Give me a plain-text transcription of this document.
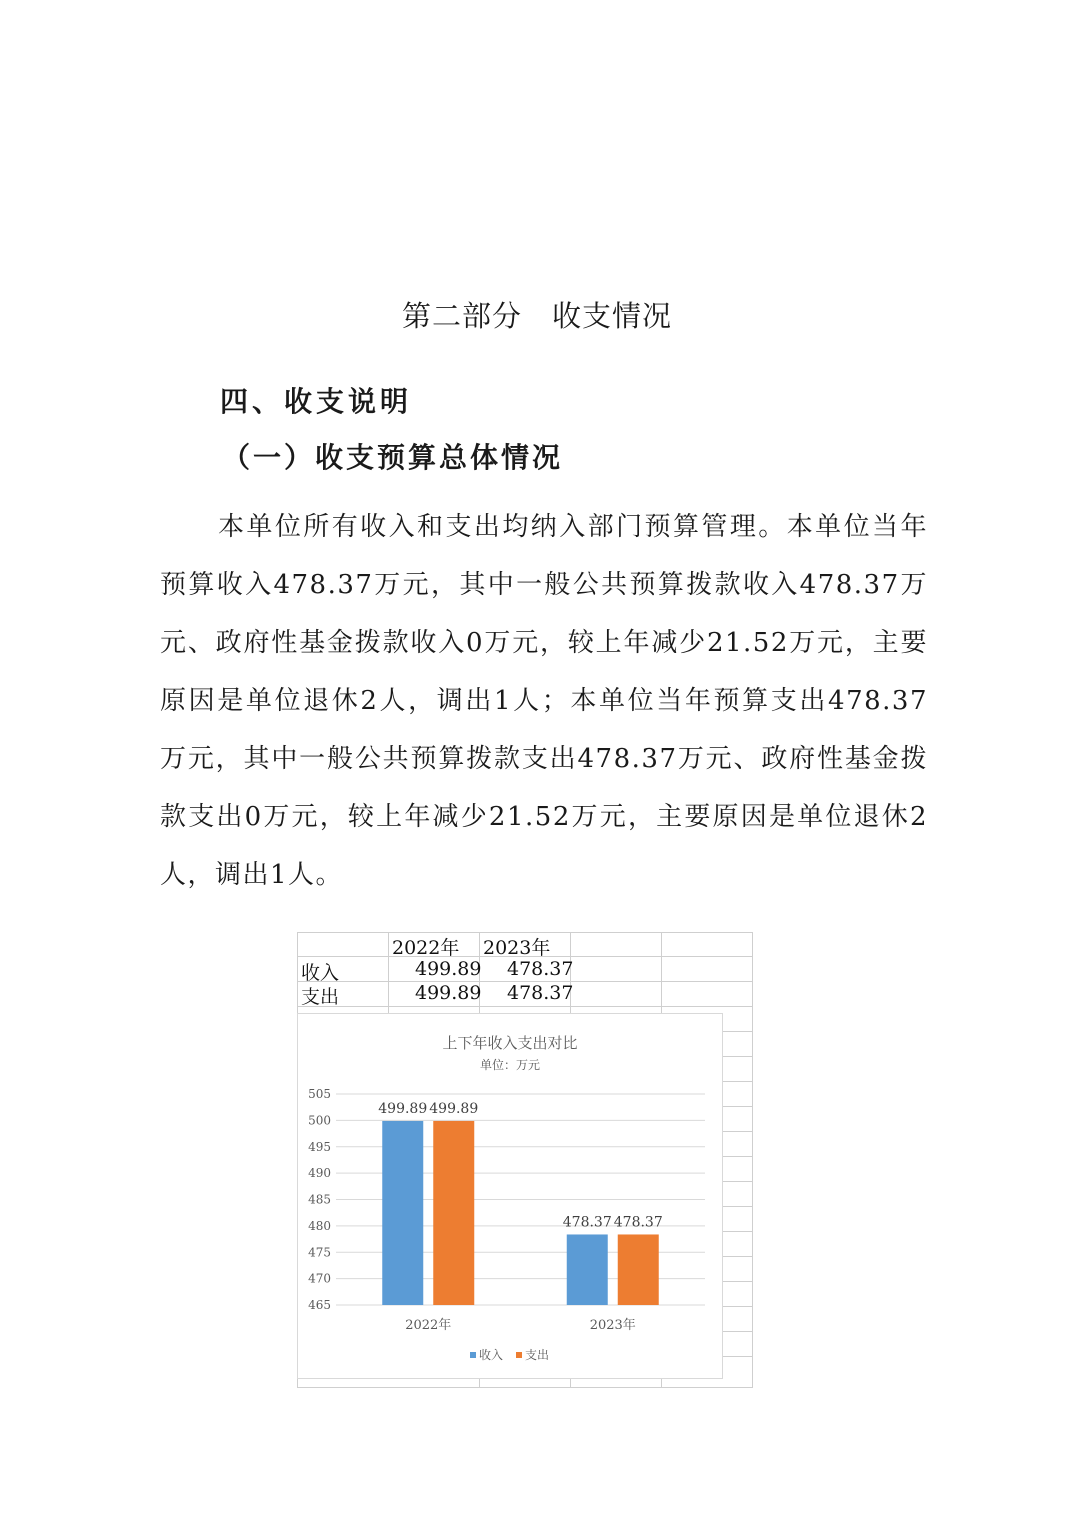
第二部分　收支情况
四、收支说明
（一）收支预算总体情况

本单位所有收入和支出均纳入部门预算管理。本单位当年预算收入478.37万元，其中一般公共预算拨款收入478.37万元、政府性基金拨款收入0万元，较上年减少21.52万元，主要原因是单位退休2人，调出1人；本单位当年预算支出478.37万元，其中一般公共预算拨款支出478.37万元、政府性基金拨款支出0万元，较上年减少21.52万元，主要原因是单位退休2人，调出1人。

2022年 2023年
收入	499.89 478.37
支出	499.89 478.37
上下年收入支出对比
单位：万元
465
470
475
480
485
490
495
500
505
499.89 499.89
2022年
478.37 478.37
2023年
收入 支出
